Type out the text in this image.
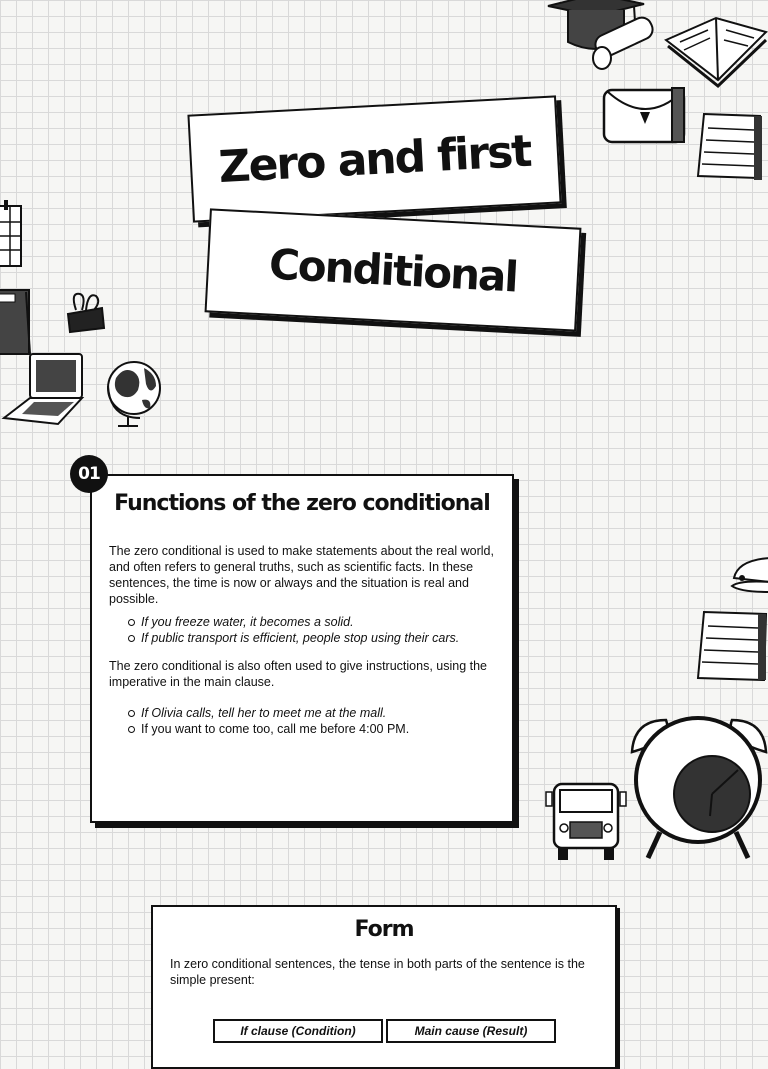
Zero and first
Conditional
01
Functions of the zero conditional

The zero conditional is used to make statements about the real world, and often refers to general truths, such as scientific facts. In these sentences, the time is now or always and the situation is real and possible.

If you freeze water, it becomes a solid.
If public transport is efficient, people stop using their cars.

The zero conditional is also often used to give instructions, using the imperative in the main clause.

If Olivia calls, tell her to meet me at the mall.
If you want to come too, call me before 4:00 PM.
Form

In zero conditional sentences, the tense in both parts of the sentence is the simple present:

If clause (Condition)	Main cause (Result)
